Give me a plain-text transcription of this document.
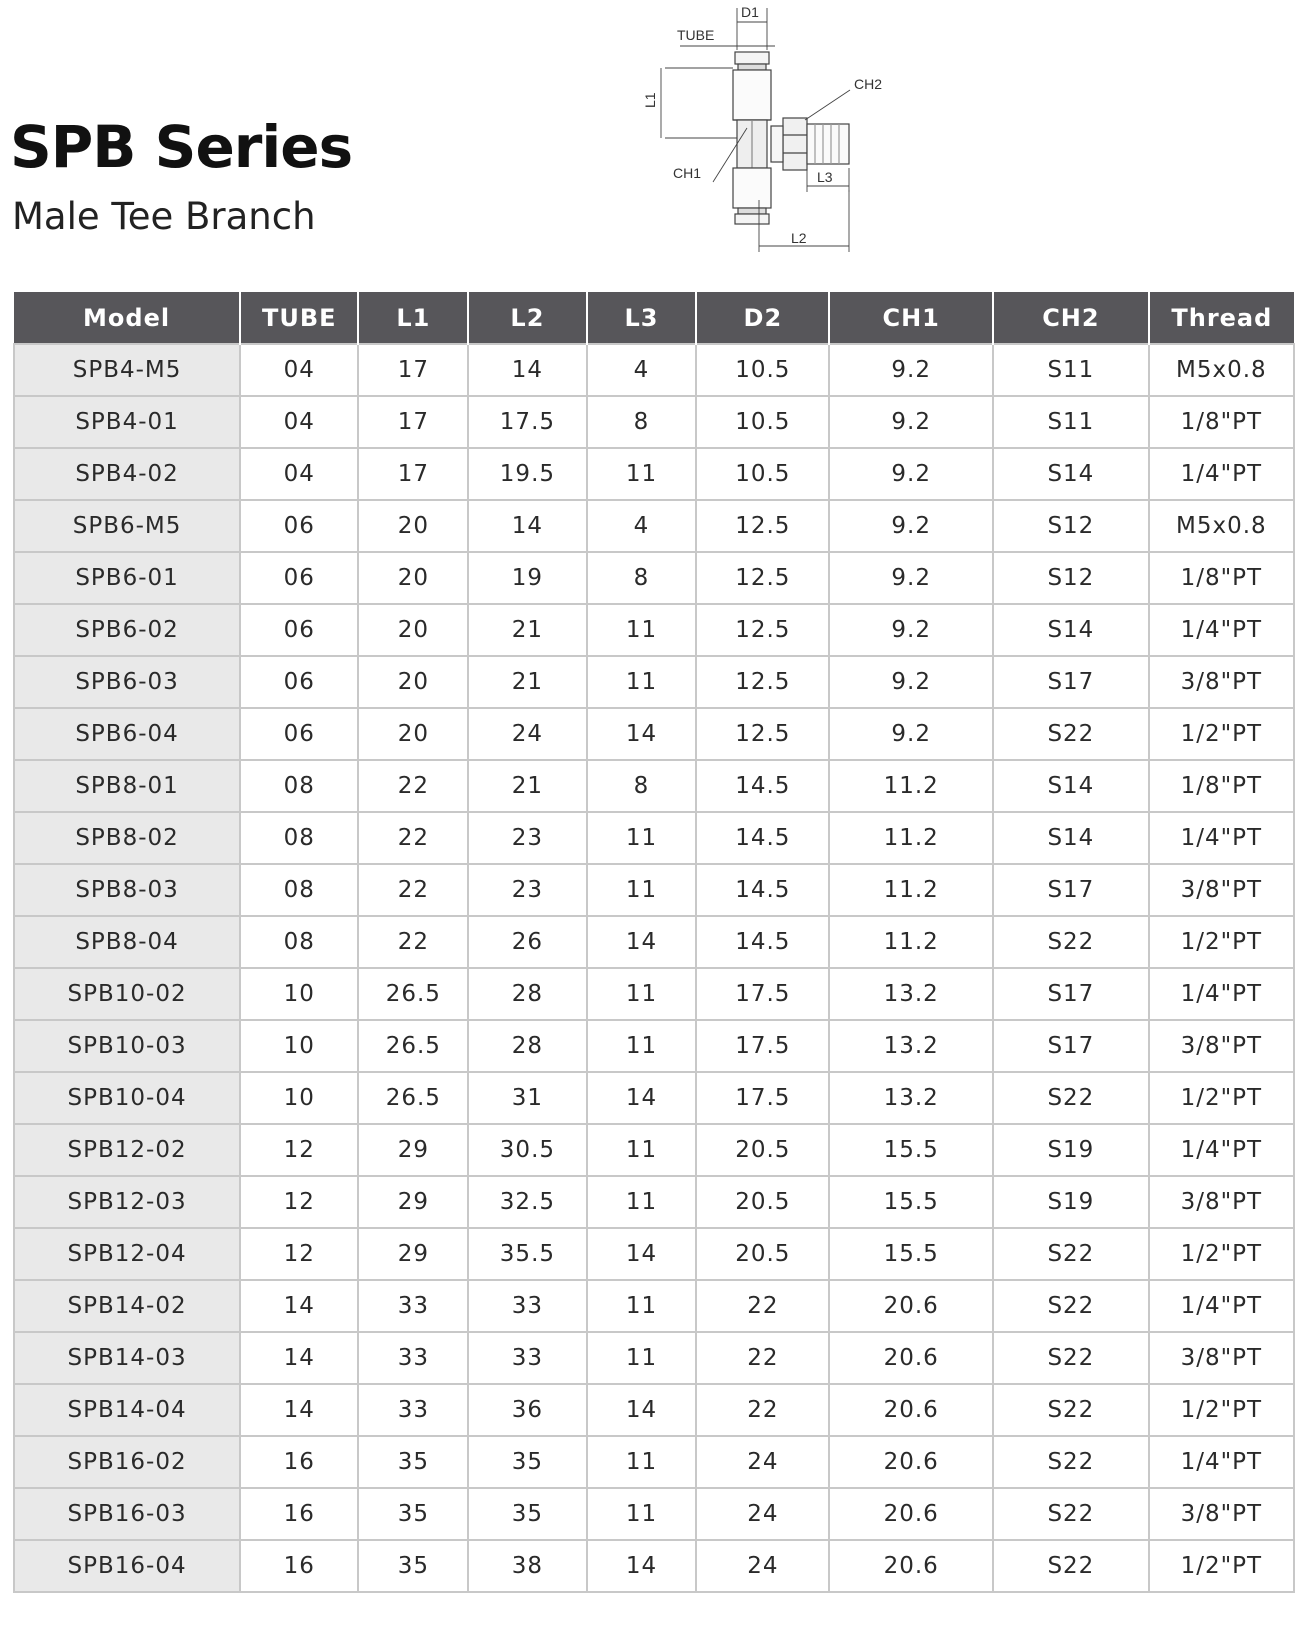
SPB Series
Male Tee Branch
D1
TUBE
CH2
L1
CH1	L3
L2
Model	TUBE	L1	L2	L3	D2	CH1	CH2	Thread
SPB4-M5	04	17	14	4	10.5	9.2	S11	M5x0.8
SPB4-01	04	17	17.5	8	10.5	9.2	S11	1/8"PT
SPB4-02	04	17	19.5	11	10.5	9.2	S14	1/4"PT
SPB6-M5	06	20	14	4	12.5	9.2	S12	M5x0.8
SPB6-01	06	20	19	8	12.5	9.2	S12	1/8"PT
SPB6-02	06	20	21	11	12.5	9.2	S14	1/4"PT
SPB6-03	06	20	21	11	12.5	9.2	S17	3/8"PT
SPB6-04	06	20	24	14	12.5	9.2	S22	1/2"PT
SPB8-01	08	22	21	8	14.5	11.2	S14	1/8"PT
SPB8-02	08	22	23	11	14.5	11.2	S14	1/4"PT
SPB8-03	08	22	23	11	14.5	11.2	S17	3/8"PT
SPB8-04	08	22	26	14	14.5	11.2	S22	1/2"PT
SPB10-02	10	26.5	28	11	17.5	13.2	S17	1/4"PT
SPB10-03	10	26.5	28	11	17.5	13.2	S17	3/8"PT
SPB10-04	10	26.5	31	14	17.5	13.2	S22	1/2"PT
SPB12-02	12	29	30.5	11	20.5	15.5	S19	1/4"PT
SPB12-03	12	29	32.5	11	20.5	15.5	S19	3/8"PT
SPB12-04	12	29	35.5	14	20.5	15.5	S22	1/2"PT
SPB14-02	14	33	33	11	22	20.6	S22	1/4"PT
SPB14-03	14	33	33	11	22	20.6	S22	3/8"PT
SPB14-04	14	33	36	14	22	20.6	S22	1/2"PT
SPB16-02	16	35	35	11	24	20.6	S22	1/4"PT
SPB16-03	16	35	35	11	24	20.6	S22	3/8"PT
SPB16-04	16	35	38	14	24	20.6	S22	1/2"PT
